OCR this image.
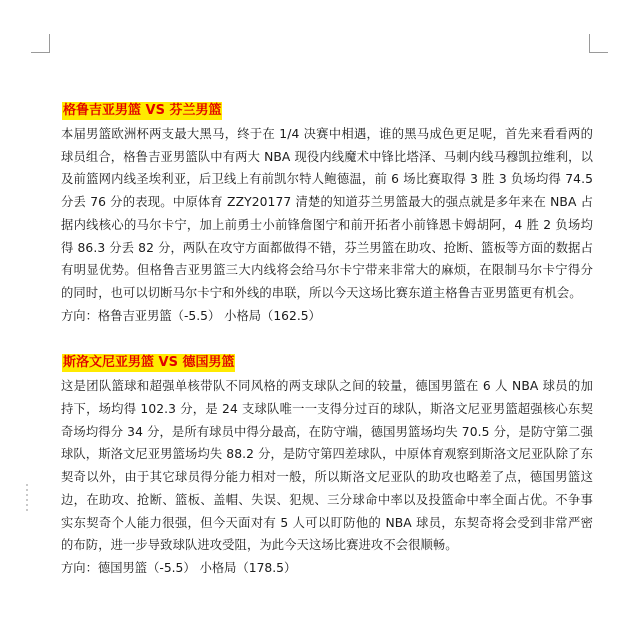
格鲁吉亚男篮 VS 芬兰男篮

本届男篮欧洲杯两支最大黑马，终于在 1/4 决赛中相遇，谁的黑马成色更足呢，首先来看看两的球员组合，格鲁吉亚男篮队中有两大 NBA 现役内线魔术中锋比塔泽、马刺内线马穆凯拉维利，以及前篮网内线圣埃利亚，后卫线上有前凯尔特人鲍德温，前 6 场比赛取得 3 胜 3 负场均得 74.5 分丢 76 分的表现。中原体育 ZZY20177 清楚的知道芬兰男篮最大的强点就是多年来在 NBA 占据内线核心的马尔卡宁，加上前勇士小前锋詹图宁和前开拓者小前锋恩卡姆胡阿，4 胜 2 负场均得 86.3 分丢 82 分，两队在攻守方面都做得不错，芬兰男篮在助攻、抢断、篮板等方面的数据占有明显优势。但格鲁吉亚男篮三大内线将会给马尔卡宁带来非常大的麻烦，在限制马尔卡宁得分的同时，也可以切断马尔卡宁和外线的串联，所以今天这场比赛东道主格鲁吉亚男篮更有机会。

方向：格鲁吉亚男篮（-5.5） 小格局（162.5）
斯洛文尼亚男篮 VS 德国男篮

这是团队篮球和超强单核带队不同风格的两支球队之间的较量，德国男篮在 6 人 NBA 球员的加持下，场均得 102.3 分，是 24 支球队唯一一支得分过百的球队，斯洛文尼亚男篮超强核心东契奇场均得分 34 分，是所有球员中得分最高，在防守端，德国男篮场均失 70.5 分，是防守第二强球队，斯洛文尼亚男篮场均失 88.2 分，是防守第四差球队，中原体育观察到斯洛文尼亚队除了东契奇以外，由于其它球员得分能力相对一般，所以斯洛文尼亚队的助攻也略差了点，德国男篮这边，在助攻、抢断、篮板、盖帽、失误、犯规、三分球命中率以及投篮命中率全面占优。不争事实东契奇个人能力很强，但今天面对有 5 人可以盯防他的 NBA 球员，东契奇将会受到非常严密的布防，进一步导致球队进攻受阻，为此今天这场比赛进攻不会很顺畅。

方向：德国男篮（-5.5） 小格局（178.5）
